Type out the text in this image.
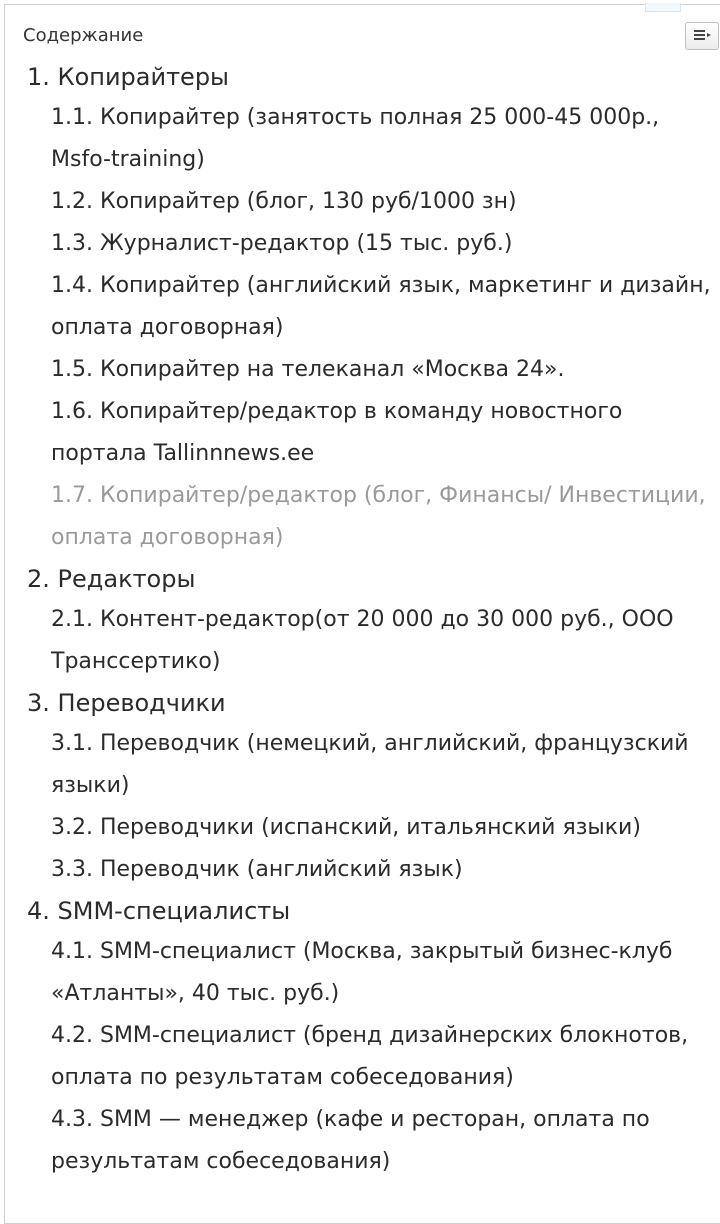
Содержание
1. Копирайтеры
1.1. Копирайтер (занятость полная 25 000-45 000р., Msfo-training)
1.2. Копирайтер (блог, 130 руб/1000 зн)
1.3. Журналист-редактор (15 тыс. руб.)
1.4. Копирайтер (английский язык, маркетинг и дизайн, оплата договорная)
1.5. Копирайтер на телеканал «Москва 24».
1.6. Копирайтер/редактор в команду новостного портала Tallinnnews.ee
1.7. Копирайтер/редактор (блог, Финансы/ Инвестиции, оплата договорная)
2. Редакторы
2.1. Контент-редактор(от 20 000 до 30 000 руб., ООО Транссертико)
3. Переводчики
3.1. Переводчик (немецкий, английский, французский языки)
3.2. Переводчики (испанский, итальянский языки)
3.3. Переводчик (английский язык)
4. SMM-специалисты
4.1. SMM-специалист (Москва, закрытый бизнес-клуб «Атланты», 40 тыс. руб.)
4.2. SMM-специалист (бренд дизайнерских блокнотов, оплата по результатам собеседования)
4.3. SMM — менеджер (кафе и ресторан, оплата по результатам собеседования)
